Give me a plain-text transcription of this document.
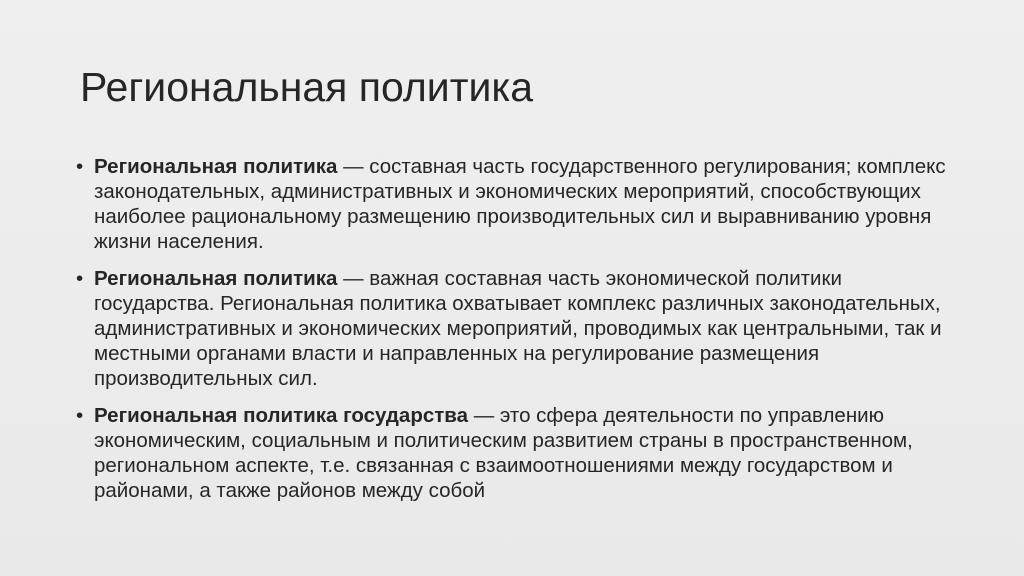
Региональная политика
• Региональная политика — составная часть государственного регулирования; комплекс законодательных, административных и экономических мероприятий, способствующих наиболее рациональному размещению производительных сил и выравниванию уровня жизни населения.
• Региональная политика — важная составная часть экономической политики государства. Региональная политика охватывает комплекс различных законодательных, административных и экономических мероприятий, проводимых как центральными, так и местными органами власти и направленных на регулирование размещения производительных сил.
• Региональная политика государства — это сфера деятельности по управлению экономическим, социальным и политическим развитием страны в пространственном, региональном аспекте, т.е. связанная с взаимоотношениями между государством и районами, а также районов между собой
